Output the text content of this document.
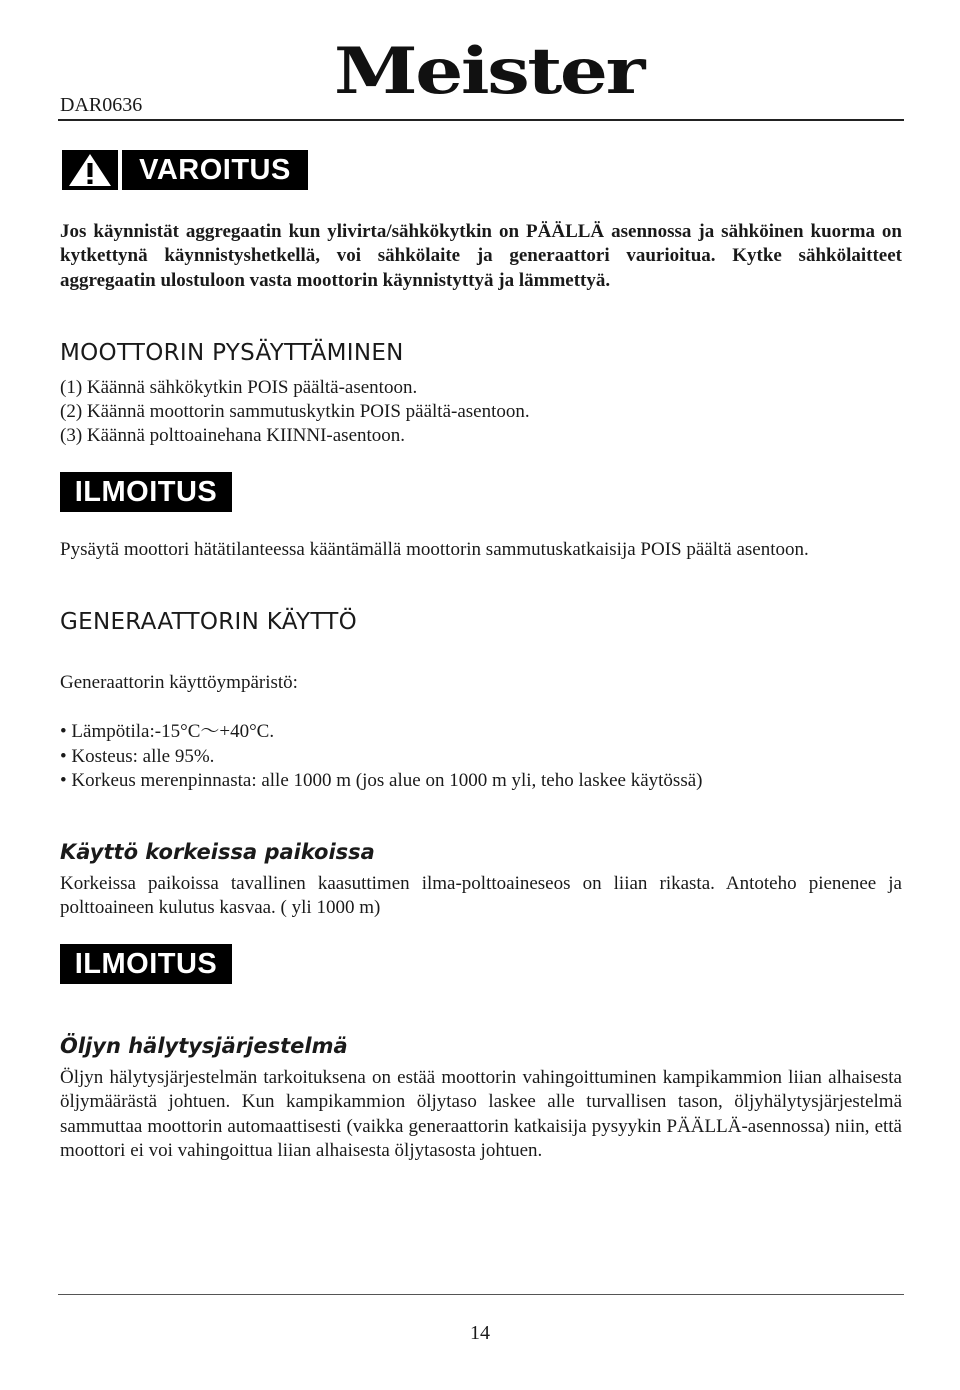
DAR0636	Meister
VAROITUS
Jos käynnistät aggregaatin kun ylivirta/sähkökytkin on PÄÄLLÄ asennossa ja sähköinen kuorma on kytkettynä käynnistyshetkellä, voi sähkölaite ja generaattori vaurioitua. Kytke sähkölaitteet aggregaatin ulostuloon vasta moottorin käynnistyttyä ja lämmettyä.
MOOTTORIN PYSÄYTTÄMINEN
(1) Käännä sähkökytkin POIS päältä-asentoon.
(2) Käännä moottorin sammutuskytkin POIS päältä-asentoon.
(3) Käännä polttoainehana KIINNI-asentoon.
ILMOITUS
Pysäytä moottori hätätilanteessa kääntämällä moottorin sammutuskatkaisija POIS päältä asentoon.
GENERAATTORIN KÄYTTÖ
Generaattorin käyttöympäristö:
• Lämpötila:-15°C～+40°C.
• Kosteus: alle 95%.
• Korkeus merenpinnasta: alle 1000 m (jos alue on 1000 m yli, teho laskee käytössä)
Käyttö korkeissa paikoissa
Korkeissa paikoissa tavallinen kaasuttimen ilma-polttoaineseos on liian rikasta. Antoteho pienenee ja polttoaineen kulutus kasvaa. ( yli 1000 m)
ILMOITUS
Öljyn hälytysjärjestelmä
Öljyn hälytysjärjestelmän tarkoituksena on estää moottorin vahingoittuminen kampikammion liian alhaisesta öljymäärästä johtuen. Kun kampikammion öljytaso laskee alle turvallisen tason, öljyhälytysjärjestelmä sammuttaa moottorin automaattisesti (vaikka generaattorin katkaisija pysyykin PÄÄLLÄ-asennossa) niin, että moottori ei voi vahingoittua liian alhaisesta öljytasosta johtuen.
14
